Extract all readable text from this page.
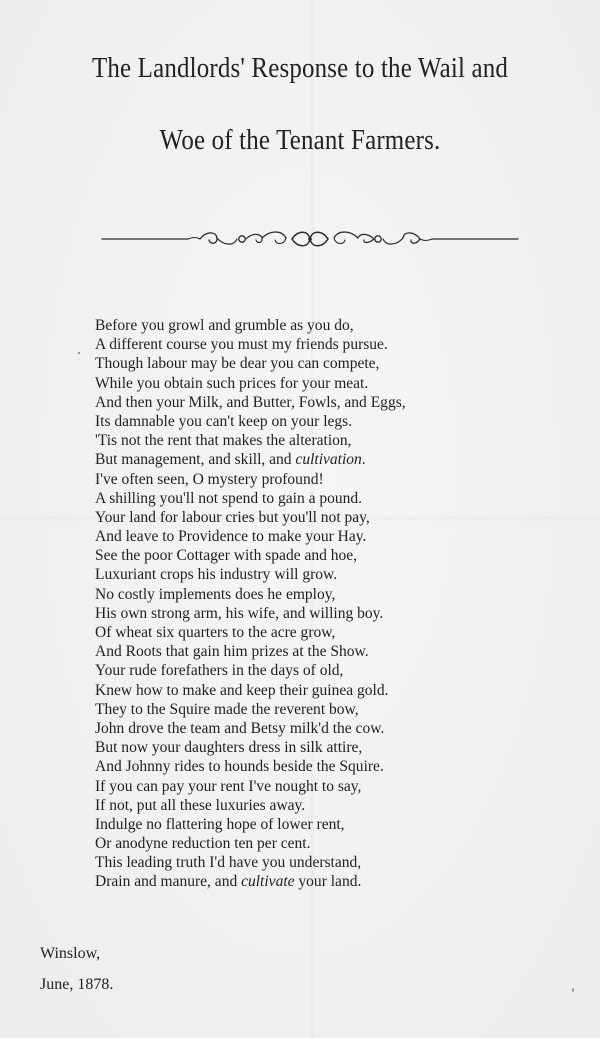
The Landlords' Response to the Wail and
Woe of the Tenant Farmers.
Before you growl and grumble as you do,
A different course you must my friends pursue.
Though labour may be dear you can compete,
While you obtain such prices for your meat.
And then your Milk, and Butter, Fowls, and Eggs,
Its damnable you can't keep on your legs.
'Tis not the rent that makes the alteration,
But management, and skill, and cultivation.
I've often seen, O mystery profound!
A shilling you'll not spend to gain a pound.
Your land for labour cries but you'll not pay,
And leave to Providence to make your Hay.
See the poor Cottager with spade and hoe,
Luxuriant crops his industry will grow.
No costly implements does he employ,
His own strong arm, his wife, and willing boy.
Of wheat six quarters to the acre grow,
And Roots that gain him prizes at the Show.
Your rude forefathers in the days of old,
Knew how to make and keep their guinea gold.
They to the Squire made the reverent bow,
John drove the team and Betsy milk'd the cow.
But now your daughters dress in silk attire,
And Johnny rides to hounds beside the Squire.
If you can pay your rent I've nought to say,
If not, put all these luxuries away.
Indulge no flattering hope of lower rent,
Or anodyne reduction ten per cent.
This leading truth I'd have you understand,
Drain and manure, and cultivate your land.
Winslow,
June, 1878.
